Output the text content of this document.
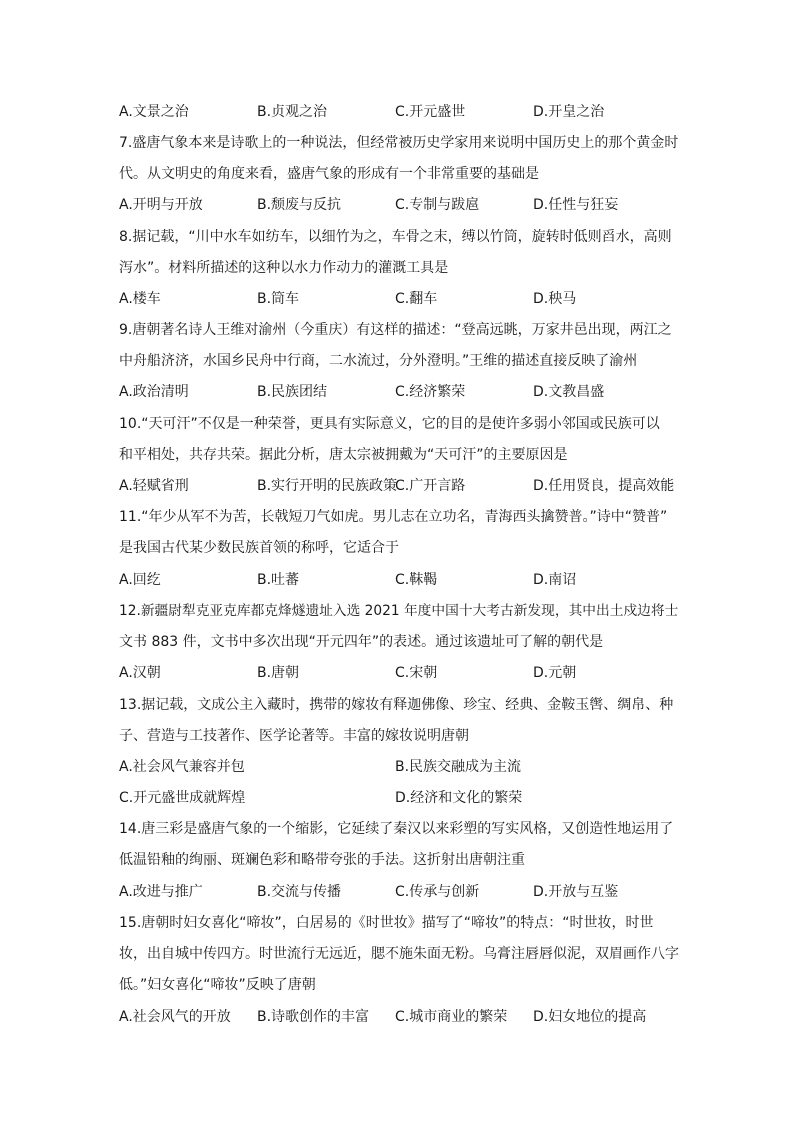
A.文景之治	B.贞观之治	C.开元盛世	D.开皇之治
7.盛唐气象本来是诗歌上的一种说法，但经常被历史学家用来说明中国历史上的那个黄金时
代。从文明史的角度来看，盛唐气象的形成有一个非常重要的基础是
A.开明与开放	B.颓废与反抗	C.专制与跋扈	D.任性与狂妄
8.据记载，“川中水车如纺车，以细竹为之，车骨之末，缚以竹筒，旋转时低则舀水，高则
泻水”。材料所描述的这种以水力作动力的灌溉工具是
A.楼车	B.筒车	C.翻车	D.秧马
9.唐朝著名诗人王维对渝州（今重庆）有这样的描述：“登高远眺，万家井邑出现，两江之
中舟船济济，水国乡民舟中行商，二水流过，分外澄明。”王维的描述直接反映了渝州
A.政治清明	B.民族团结	C.经济繁荣	D.文教昌盛
10.“天可汗”不仅是一种荣誉，更具有实际意义，它的目的是使许多弱小邻国或民族可以
和平相处，共存共荣。据此分析，唐太宗被拥戴为“天可汗”的主要原因是
A.轻赋省刑	B.实行开明的民族政策
C.广开言路	D.任用贤良，提高效能
11.“年少从军不为苦，长戟短刀气如虎。男儿志在立功名，青海西头擒赞普。”诗中“赞普”
是我国古代某少数民族首领的称呼，它适合于
A.回纥	B.吐蕃	C.靺鞨	D.南诏
12.新疆尉犁克亚克库都克烽燧遗址入选 2021 年度中国十大考古新发现，其中出土戍边将士
文书 883 件，文书中多次出现“开元四年”的表述。通过该遗址可了解的朝代是
A.汉朝	B.唐朝	C.宋朝	D.元朝
13.据记载，文成公主入藏时，携带的嫁妆有释迦佛像、珍宝、经典、金鞍玉辔、绸帛、种
子、营造与工技著作、医学论著等。丰富的嫁妆说明唐朝
A.社会风气兼容并包	B.民族交融成为主流
C.开元盛世成就辉煌	D.经济和文化的繁荣
14.唐三彩是盛唐气象的一个缩影，它延续了秦汉以来彩塑的写实风格，又创造性地运用了
低温铅釉的绚丽、斑斓色彩和略带夸张的手法。这折射出唐朝注重
A.改进与推广	B.交流与传播	C.传承与创新	D.开放与互鉴
15.唐朝时妇女喜化“啼妆”，白居易的《时世妆》描写了“啼妆”的特点：“时世妆，时世
妆，出自城中传四方。时世流行无远近，腮不施朱面无粉。乌膏注唇唇似泥，双眉画作八字
低。”妇女喜化“啼妆”反映了唐朝
A.社会风气的开放 B.诗歌创作的丰富 C.城市商业的繁荣 D.妇女地位的提高
